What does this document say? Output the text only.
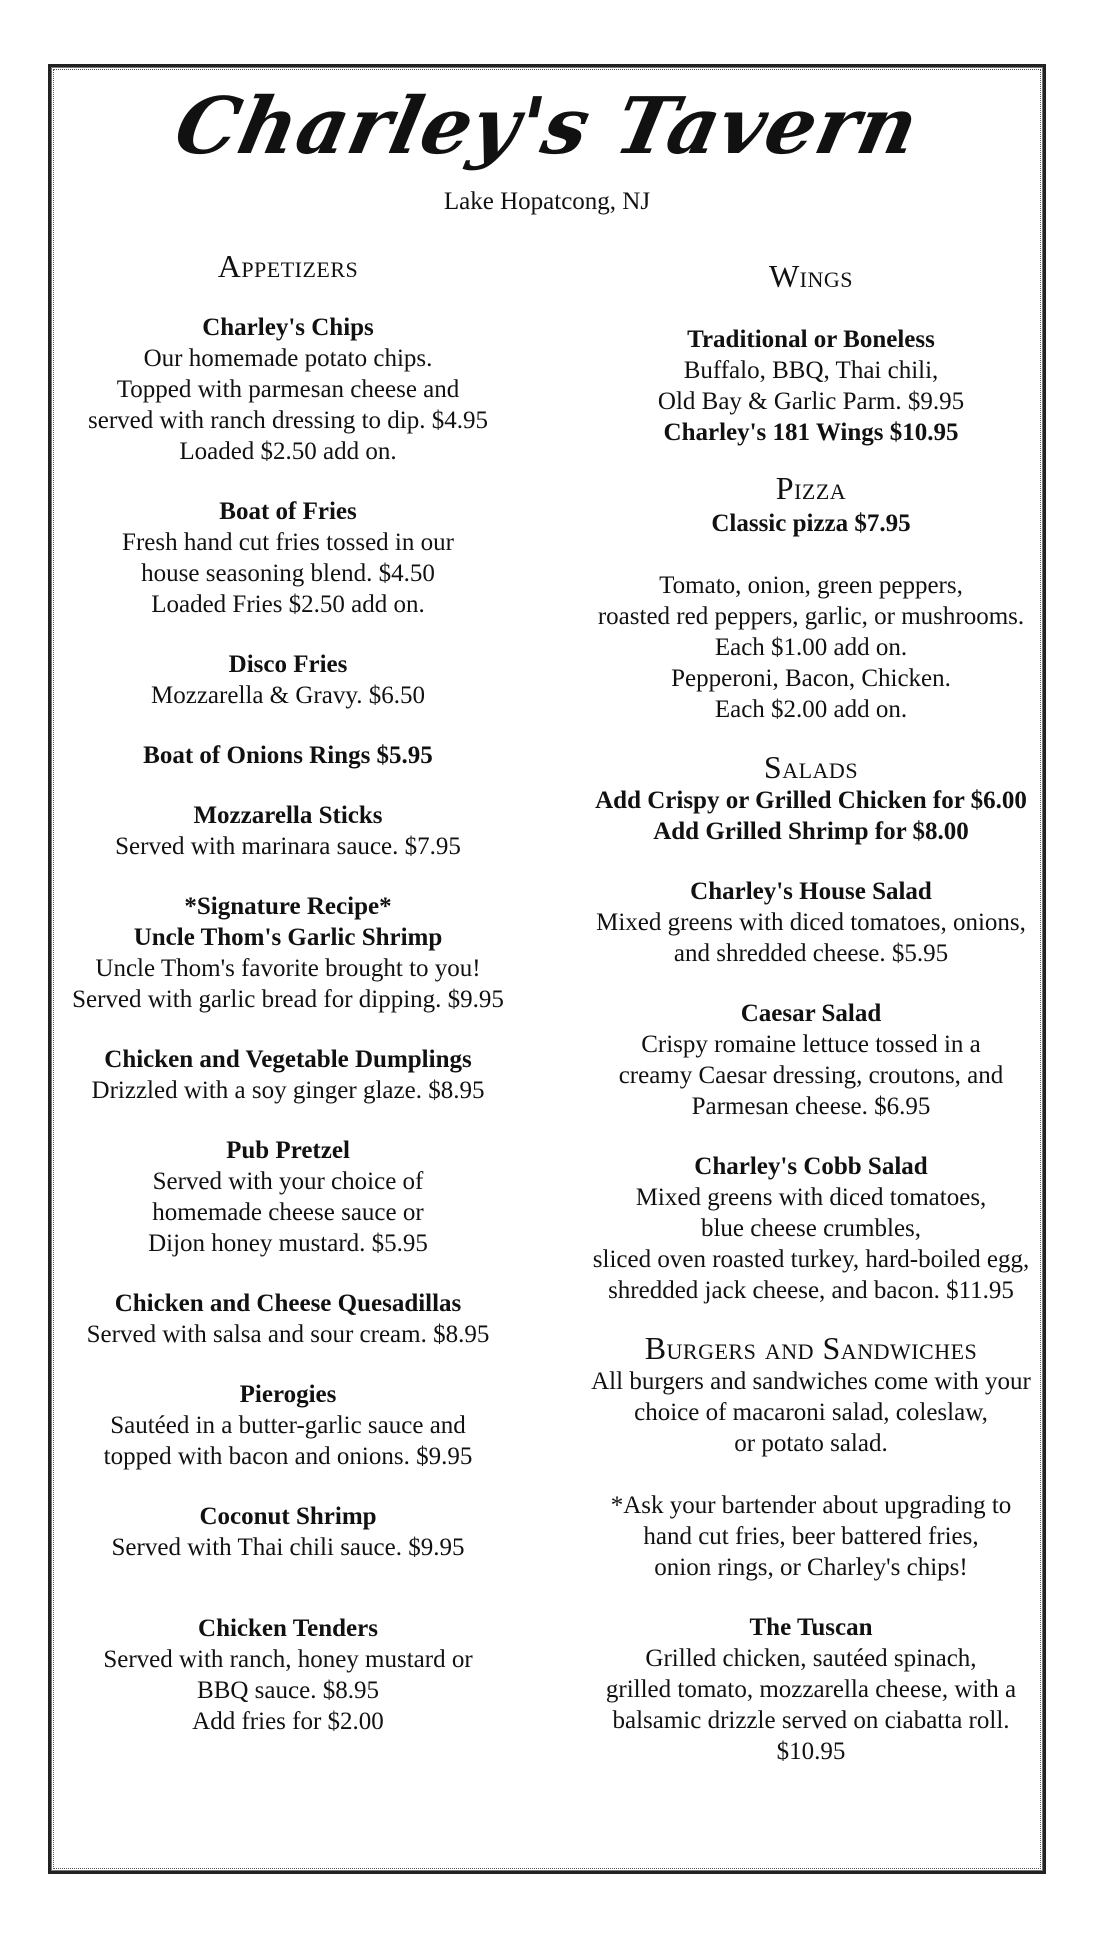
Charley's Tavern
Lake Hopatcong, NJ
Appetizers
Charley's Chips
Our homemade potato chips.
Topped with parmesan cheese and
served with ranch dressing to dip. $4.95
Loaded $2.50 add on.
Boat of Fries
Fresh hand cut fries tossed in our
house seasoning blend. $4.50
Loaded Fries $2.50 add on.
Disco Fries
Mozzarella & Gravy. $6.50
Boat of Onions Rings $5.95
Mozzarella Sticks
Served with marinara sauce. $7.95
*Signature Recipe*
Uncle Thom's Garlic Shrimp
Uncle Thom's favorite brought to you!
Served with garlic bread for dipping. $9.95
Chicken and Vegetable Dumplings
Drizzled with a soy ginger glaze. $8.95
Pub Pretzel
Served with your choice of
homemade cheese sauce or
Dijon honey mustard. $5.95
Chicken and Cheese Quesadillas
Served with salsa and sour cream. $8.95
Pierogies
Sautéed in a butter-garlic sauce and
topped with bacon and onions. $9.95
Coconut Shrimp
Served with Thai chili sauce. $9.95
Chicken Tenders
Served with ranch, honey mustard or
BBQ sauce. $8.95
Add fries for $2.00
Wings
Traditional or Boneless
Buffalo, BBQ, Thai chili,
Old Bay & Garlic Parm. $9.95
Charley's 181 Wings $10.95
Pizza
Classic pizza $7.95
Tomato, onion, green peppers,
roasted red peppers, garlic, or mushrooms.
Each $1.00 add on.
Pepperoni, Bacon, Chicken.
Each $2.00 add on.
Salads
Add Crispy or Grilled Chicken for $6.00
Add Grilled Shrimp for $8.00
Charley's House Salad
Mixed greens with diced tomatoes, onions,
and shredded cheese. $5.95
Caesar Salad
Crispy romaine lettuce tossed in a
creamy Caesar dressing, croutons, and
Parmesan cheese. $6.95
Charley's Cobb Salad
Mixed greens with diced tomatoes,
blue cheese crumbles,
sliced oven roasted turkey, hard-boiled egg,
shredded jack cheese, and bacon. $11.95
Burgers and Sandwiches
All burgers and sandwiches come with your
choice of macaroni salad, coleslaw,
or potato salad.
*Ask your bartender about upgrading to
hand cut fries, beer battered fries,
onion rings, or Charley's chips!
The Tuscan
Grilled chicken, sautéed spinach,
grilled tomato, mozzarella cheese, with a
balsamic drizzle served on ciabatta roll.
$10.95
